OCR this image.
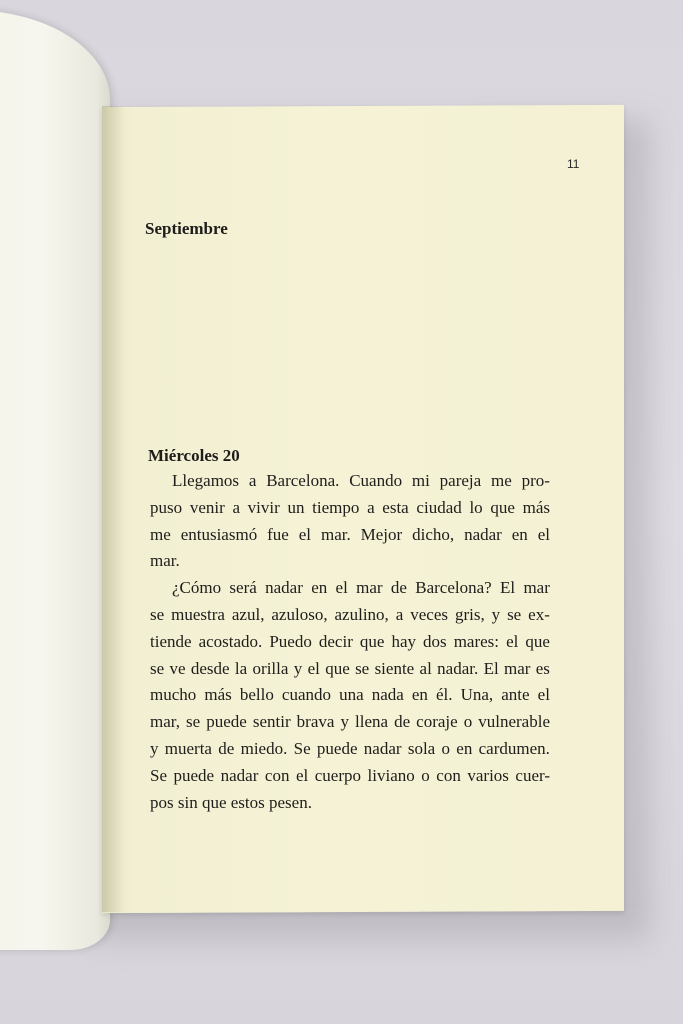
11
Septiembre
Miércoles 20
Llegamos a Barcelona. Cuando mi pareja me pro-
puso venir a vivir un tiempo a esta ciudad lo que más
me entusiasmó fue el mar. Mejor dicho, nadar en el
mar.
¿Cómo será nadar en el mar de Barcelona? El mar
se muestra azul, azuloso, azulino, a veces gris, y se ex-
tiende acostado. Puedo decir que hay dos mares: el que
se ve desde la orilla y el que se siente al nadar. El mar es
mucho más bello cuando una nada en él. Una, ante el
mar, se puede sentir brava y llena de coraje o vulnerable
y muerta de miedo. Se puede nadar sola o en cardumen.
Se puede nadar con el cuerpo liviano o con varios cuer-
pos sin que estos pesen.
